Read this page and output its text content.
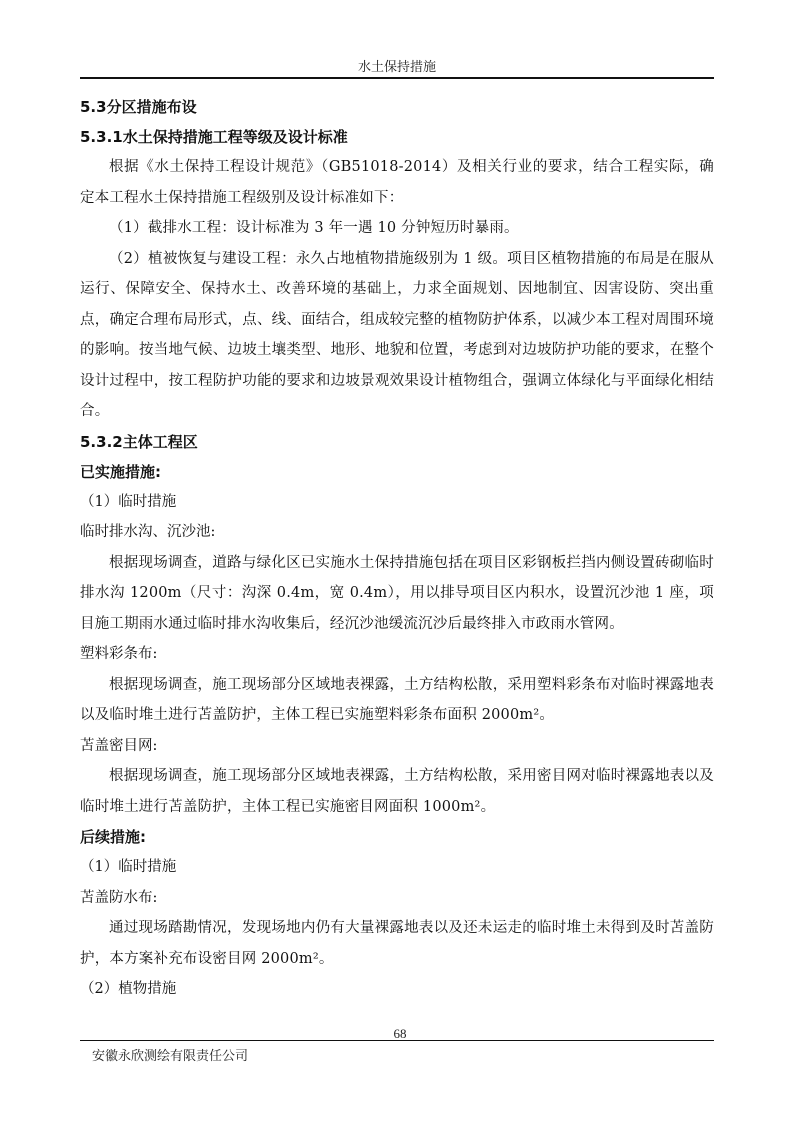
水土保持措施
5.3分区措施布设
5.3.1水土保持措施工程等级及设计标准

根据《水土保持工程设计规范》（GB51018-2014）及相关行业的要求，结合工程实际，确定本工程水土保持措施工程级别及设计标准如下：

（1）截排水工程：设计标准为 3 年一遇 10 分钟短历时暴雨。

（2）植被恢复与建设工程：永久占地植物措施级别为 1 级。项目区植物措施的布局是在服从运行、保障安全、保持水土、改善环境的基础上，力求全面规划、因地制宜、因害设防、突出重点，确定合理布局形式，点、线、面结合，组成较完整的植物防护体系，以减少本工程对周围环境的影响。按当地气候、边坡土壤类型、地形、地貌和位置，考虑到对边坡防护功能的要求，在整个设计过程中，按工程防护功能的要求和边坡景观效果设计植物组合，强调立体绿化与平面绿化相结合。

5.3.2主体工程区
已实施措施:
（1）临时措施
临时排水沟、沉沙池:

根据现场调查，道路与绿化区已实施水土保持措施包括在项目区彩钢板拦挡内侧设置砖砌临时排水沟 1200m（尺寸：沟深 0.4m，宽 0.4m），用以排导项目区内积水，设置沉沙池 1 座，项目施工期雨水通过临时排水沟收集后，经沉沙池缓流沉沙后最终排入市政雨水管网。

塑料彩条布:

根据现场调查，施工现场部分区域地表裸露，土方结构松散，采用塑料彩条布对临时裸露地表以及临时堆土进行苫盖防护，主体工程已实施塑料彩条布面积 2000m²。

苫盖密目网:

根据现场调查，施工现场部分区域地表裸露，土方结构松散，采用密目网对临时裸露地表以及临时堆土进行苫盖防护，主体工程已实施密目网面积 1000m²。

后续措施:
（1）临时措施
苫盖防水布:

通过现场踏勘情况，发现场地内仍有大量裸露地表以及还未运走的临时堆土未得到及时苫盖防护，本方案补充布设密目网 2000m²。

（2）植物措施
68
安徽永欣测绘有限责任公司
